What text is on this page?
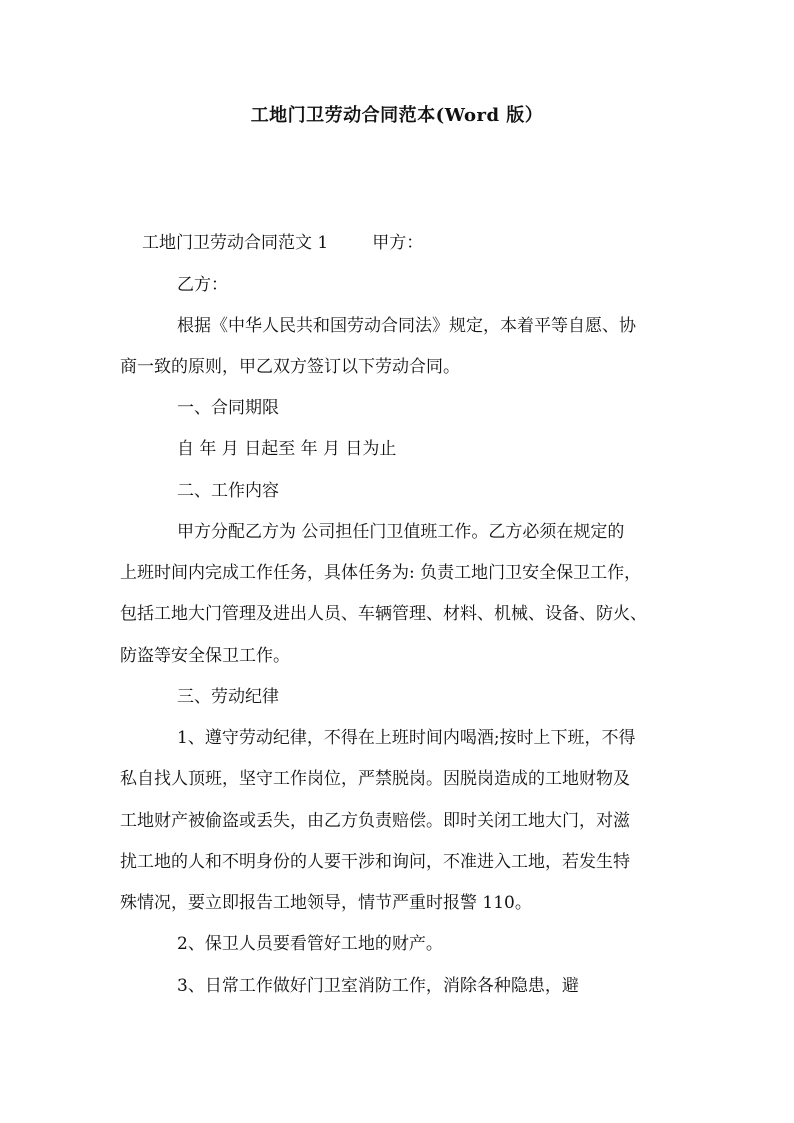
工地门卫劳动合同范本(Word 版）

工地门卫劳动合同范文 1	甲方：

乙方：

根据《中华人民共和国劳动合同法》规定，本着平等自愿、协

商一致的原则，甲乙双方签订以下劳动合同。

一、合同期限

自 年 月 日起至 年 月 日为止

二、工作内容

甲方分配乙方为 公司担任门卫值班工作。乙方必须在规定的

上班时间内完成工作任务，具体任务为: 负责工地门卫安全保卫工作，

包括工地大门管理及进出人员、车辆管理、材料、机械、设备、防火、

防盗等安全保卫工作。

三、劳动纪律

1、遵守劳动纪律，不得在上班时间内喝酒;按时上下班，不得

私自找人顶班，坚守工作岗位，严禁脱岗。因脱岗造成的工地财物及

工地财产被偷盗或丢失，由乙方负责赔偿。即时关闭工地大门，对滋

扰工地的人和不明身份的人要干涉和询问，不准进入工地，若发生特

殊情况，要立即报告工地领导，情节严重时报警 110。

2、保卫人员要看管好工地的财产。

3、日常工作做好门卫室消防工作，消除各种隐患，避
